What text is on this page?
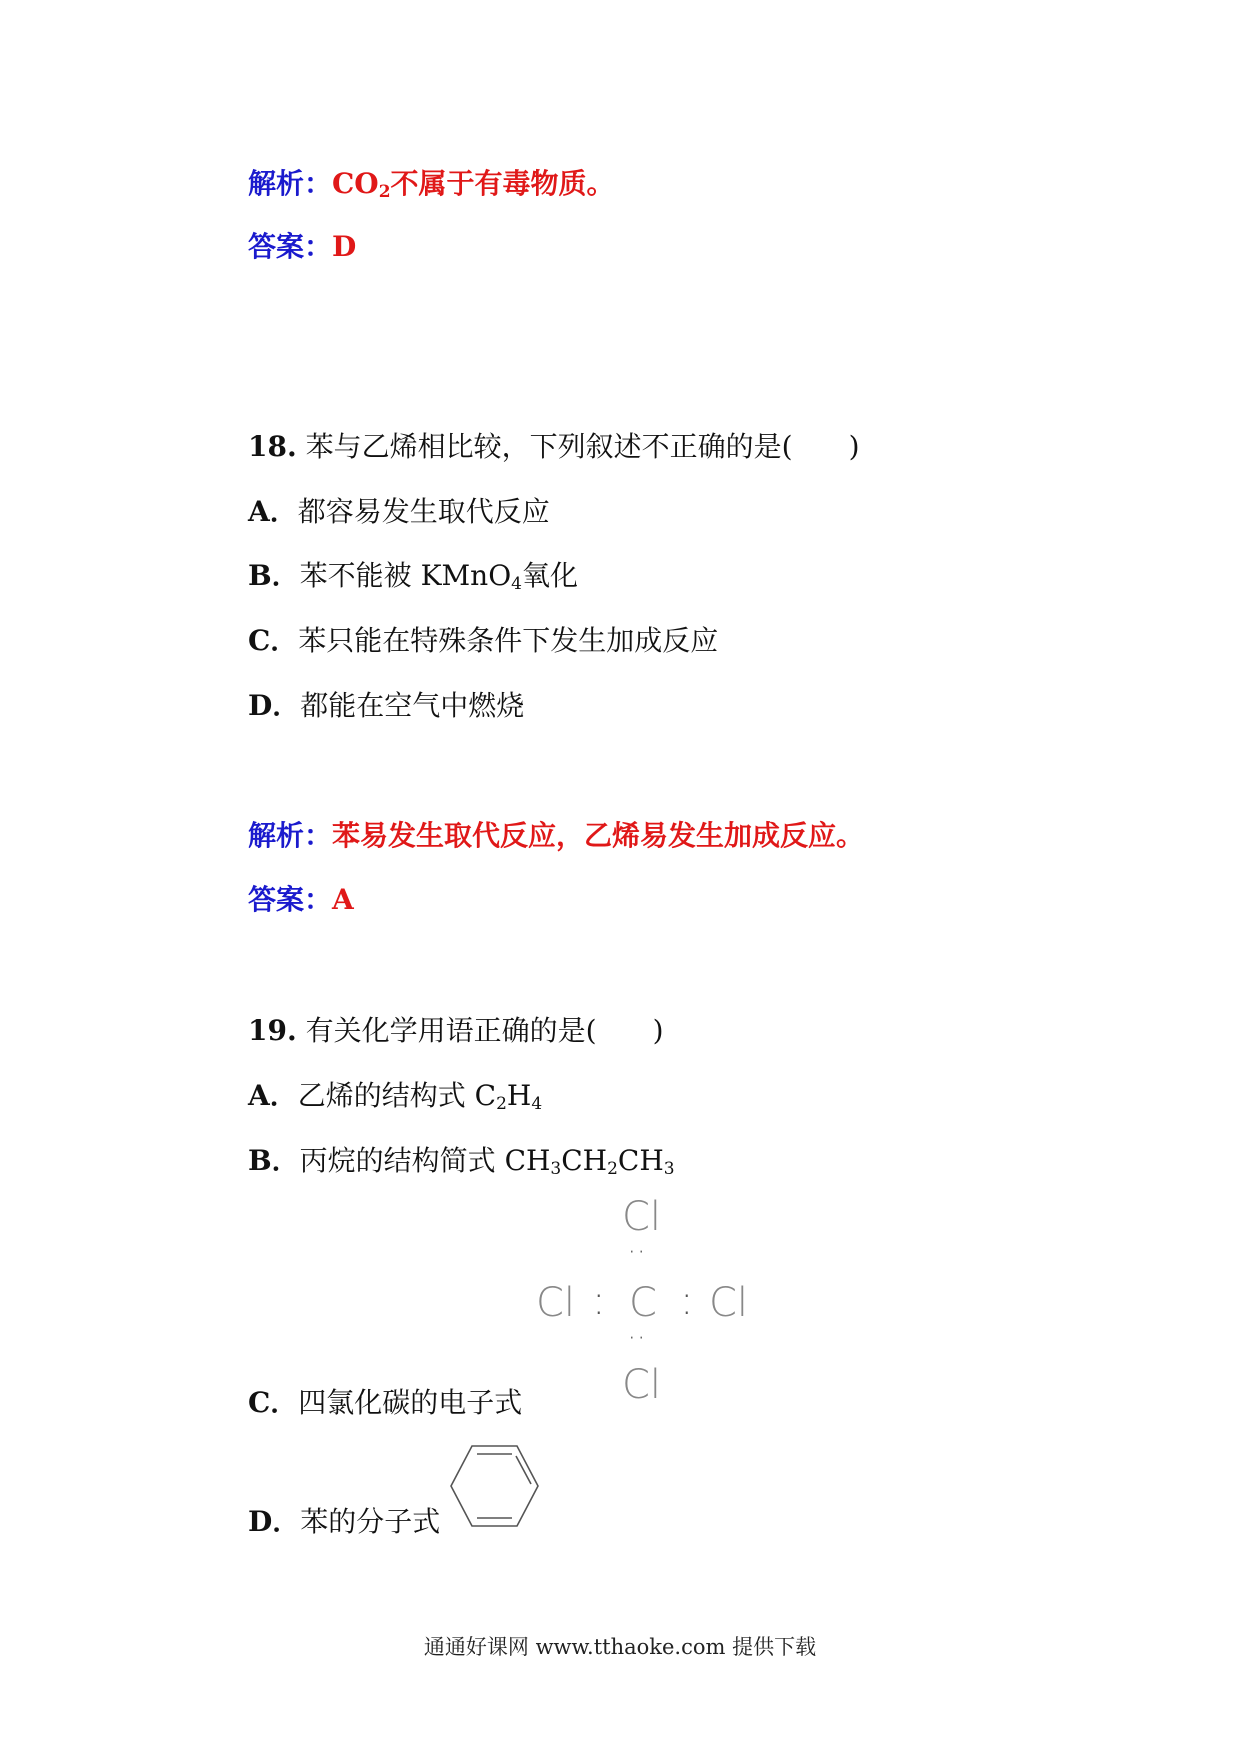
解析：$CO_2$不属于有毒物质。
答案：D
18. 苯与乙烯相比较，下列叙述不正确的是(　　 )
A．都容易发生取代反应
B．苯不能被 KMnO$_4$氧化
C．苯只能在特殊条件下发生加成反应
D．都能在空气中燃烧
解析：苯易发生取代反应，乙烯易发生加成反应。
答案：A
19. 有关化学用语正确的是(　　 )
A．乙烯的结构式 $C_2H_4$
B．丙烷的结构简式 $CH_3CH_2CH_3$
Cl
··
Cl : C : Cl
··
Cl
C．四氯化碳的电子式
D．苯的分子式
通通好课网 www.tthaoke.com 提供下载
